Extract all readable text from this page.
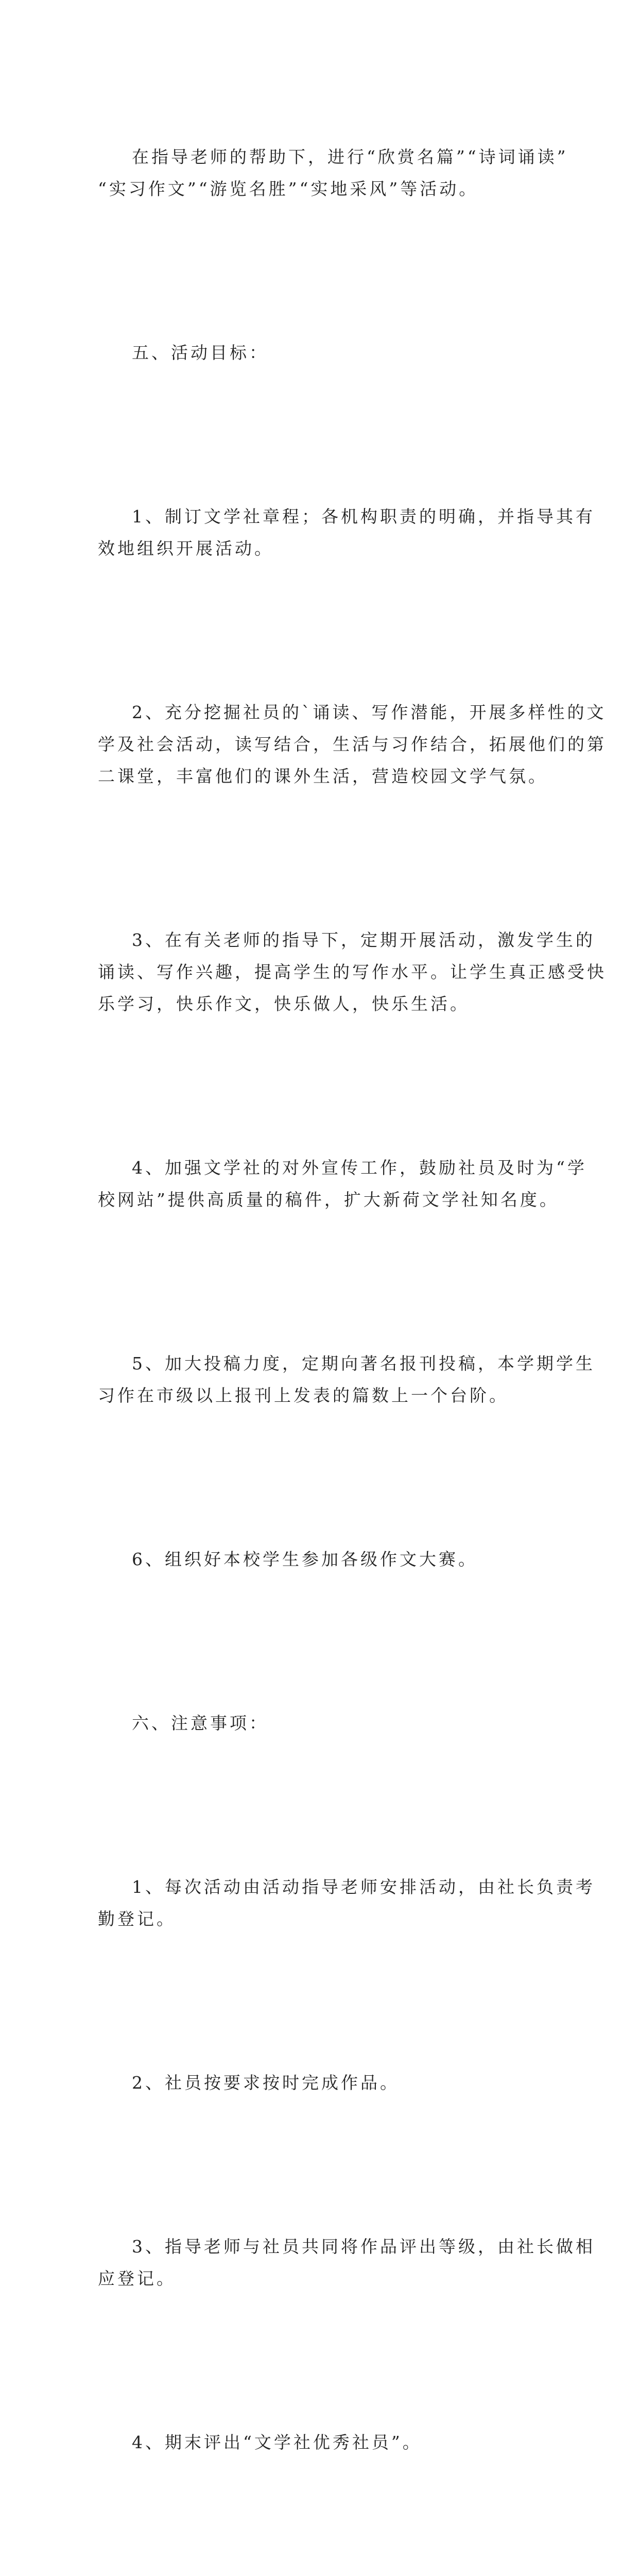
在指导老师的帮助下，进行“欣赏名篇”“诗词诵读”
“实习作文”“游览名胜”“实地采风”等活动。

五、活动目标：

1、制订文学社章程；各机构职责的明确，并指导其有
效地组织开展活动。

2、充分挖掘社员的`诵读、写作潜能，开展多样性的文
学及社会活动，读写结合，生活与习作结合，拓展他们的第
二课堂，丰富他们的课外生活，营造校园文学气氛。

3、在有关老师的指导下，定期开展活动，激发学生的
诵读、写作兴趣，提高学生的写作水平。让学生真正感受快
乐学习，快乐作文，快乐做人，快乐生活。

4、加强文学社的对外宣传工作，鼓励社员及时为“学
校网站”提供高质量的稿件，扩大新荷文学社知名度。

5、加大投稿力度，定期向著名报刊投稿，本学期学生
习作在市级以上报刊上发表的篇数上一个台阶。

6、组织好本校学生参加各级作文大赛。

六、注意事项：

1、每次活动由活动指导老师安排活动，由社长负责考
勤登记。

2、社员按要求按时完成作品。

3、指导老师与社员共同将作品评出等级，由社长做相
应登记。

4、期末评出“文学社优秀社员”。
